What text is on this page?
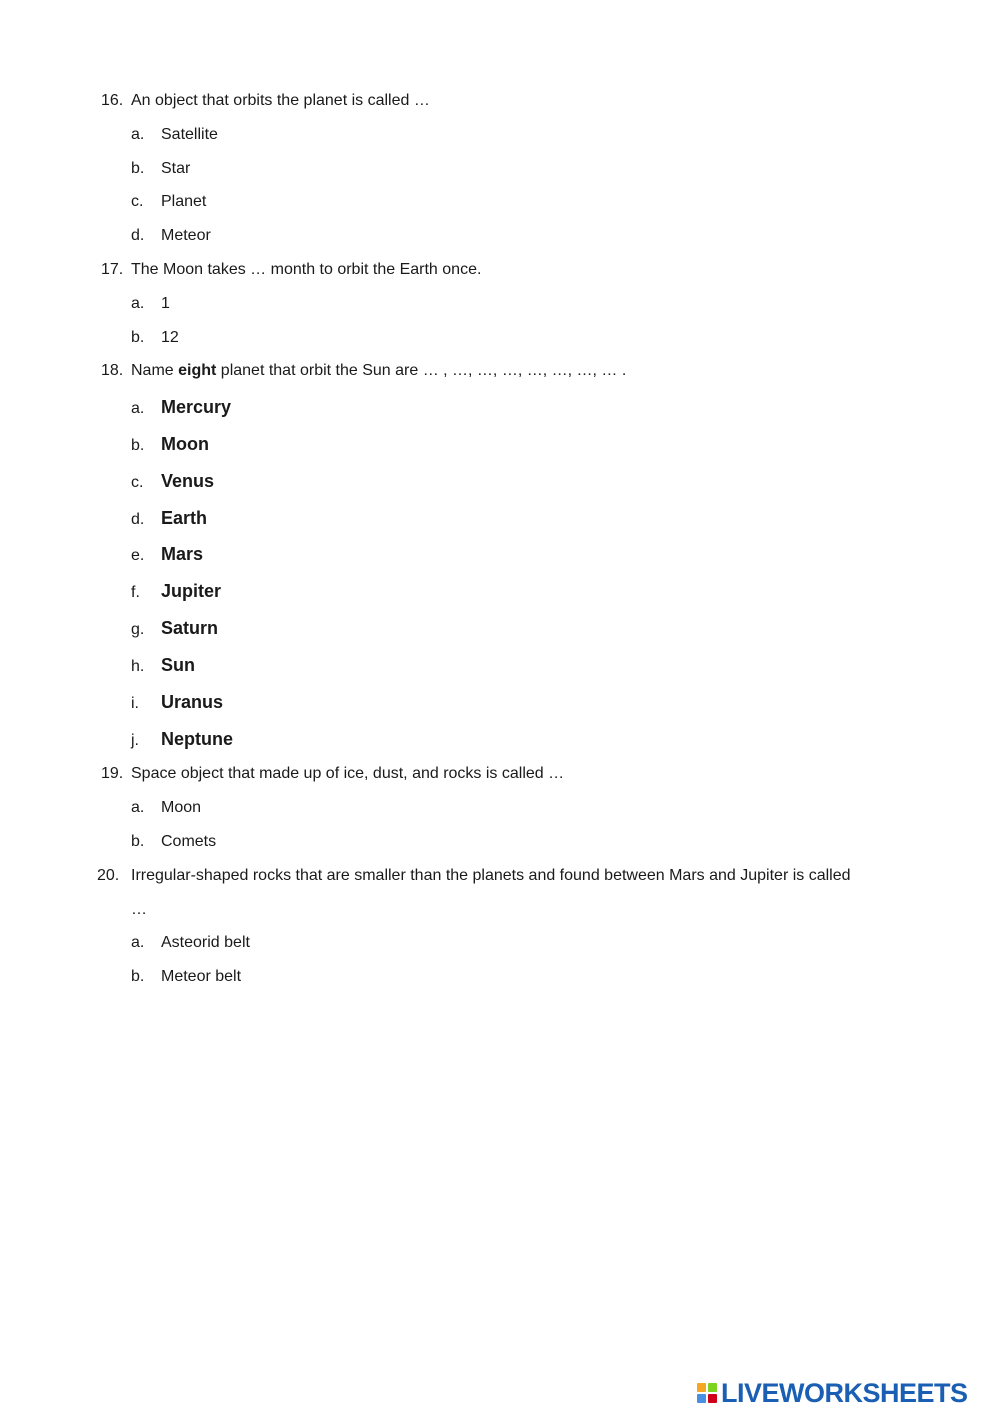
16. An object that orbits the planet is called …
a. Satellite
b. Star
c. Planet
d. Meteor
17. The Moon takes … month to orbit the Earth once.
a. 1
b. 12
18. Name eight planet that orbit the Sun are … , …, …, …, …, …, …, … .
a. Mercury
b. Moon
c. Venus
d. Earth
e. Mars
f. Jupiter
g. Saturn
h. Sun
i. Uranus
j. Neptune
19. Space object that made up of ice, dust, and rocks is called …
a. Moon
b. Comets
20. Irregular-shaped rocks that are smaller than the planets and found between Mars and Jupiter is called
…
a. Asteorid belt
b. Meteor belt
LIVEWORKSHEETS
